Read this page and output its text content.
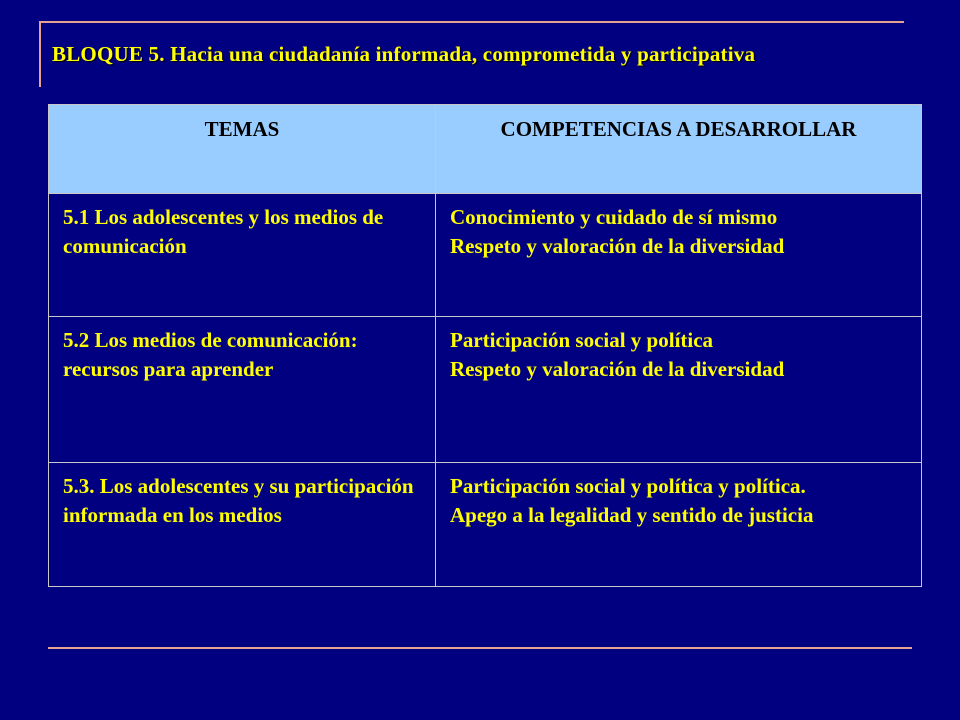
BLOQUE 5. Hacia una ciudadanía informada, comprometida y participativa
TEMAS	COMPETENCIAS A DESARROLLAR
5.1 Los adolescentes y los medios de comunicación	Conocimiento y cuidado de sí mismo
Respeto y valoración de la diversidad

5.2 Los medios de comunicación: recursos para aprender	Participación social y política
Respeto y valoración de la diversidad

5.3. Los adolescentes y su participación informada en los medios	Participación social y política y política.
Apego a la legalidad y sentido de justicia
